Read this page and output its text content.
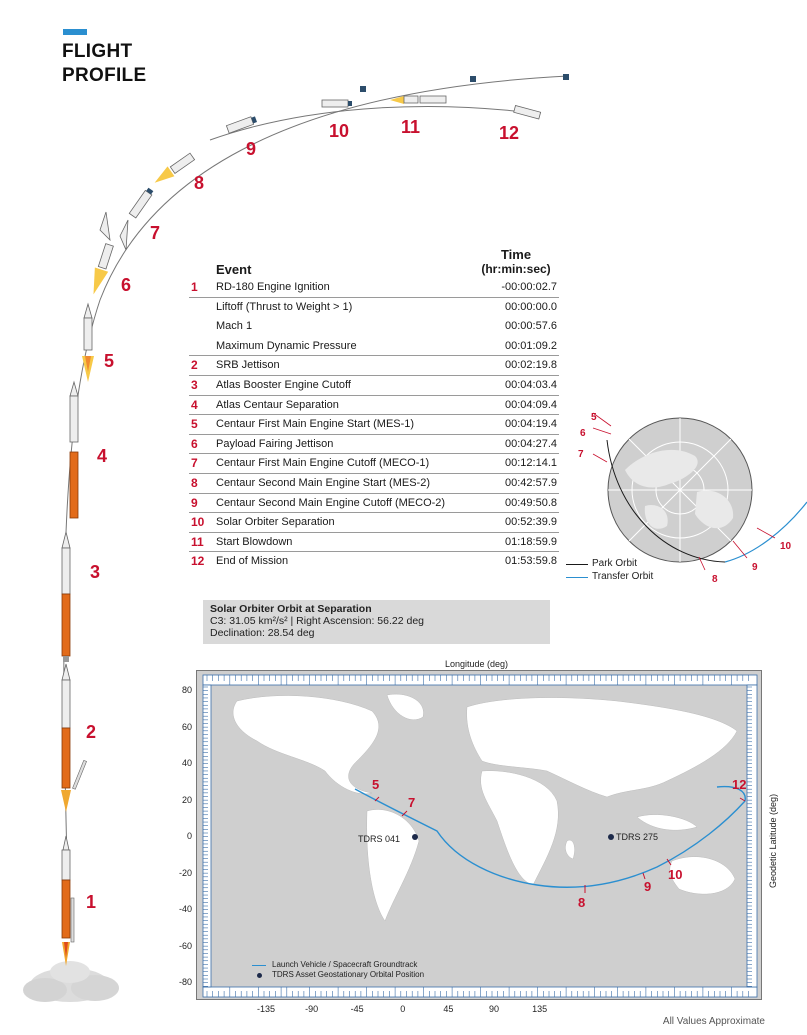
FLIGHT
PROFILE
1
2
3
4
5
6
7
8
9
10	11	12
Time
(hr:min:sec)
Event
1 RD-180 Engine Ignition	-00:00:02.7
Liftoff (Thrust to Weight > 1)	00:00:00.0
Mach 1	00:00:57.6
Maximum Dynamic Pressure	00:01:09.2
2 SRB Jettison	00:02:19.8
3 Atlas Booster Engine Cutoff	00:04:03.4
4 Atlas Centaur Separation	00:04:09.4
5 Centaur First Main Engine Start (MES-1)	00:04:19.4
6 Payload Fairing Jettison	00:04:27.4
7 Centaur First Main Engine Cutoff (MECO-1)	00:12:14.1
8 Centaur Second Main Engine Start (MES-2)	00:42:57.9
9 Centaur Second Main Engine Cutoff (MECO-2)	00:49:50.8
10 Solar Orbiter Separation	00:52:39.9
11 Start Blowdown	01:18:59.9
12 End of Mission	01:53:59.8
Solar Orbiter Orbit at Separation
C3: 31.05 km²/s² | Right Ascension: 56.22 deg
Declination: 28.54 deg
5
6
7
8
9
10
Park Orbit
Transfer Orbit
Longitude (deg)
TDRS 041	TDRS 275
5
7
8
9
10
12
Launch Vehicle / Spacecraft Groundtrack
TDRS Asset Geostationary Orbital Position
80
60
40
20
0
-20
-40
-60
-80
-135	-90	-45	0	45	90	135
Geodetic Latitude (deg)
All Values Approximate
